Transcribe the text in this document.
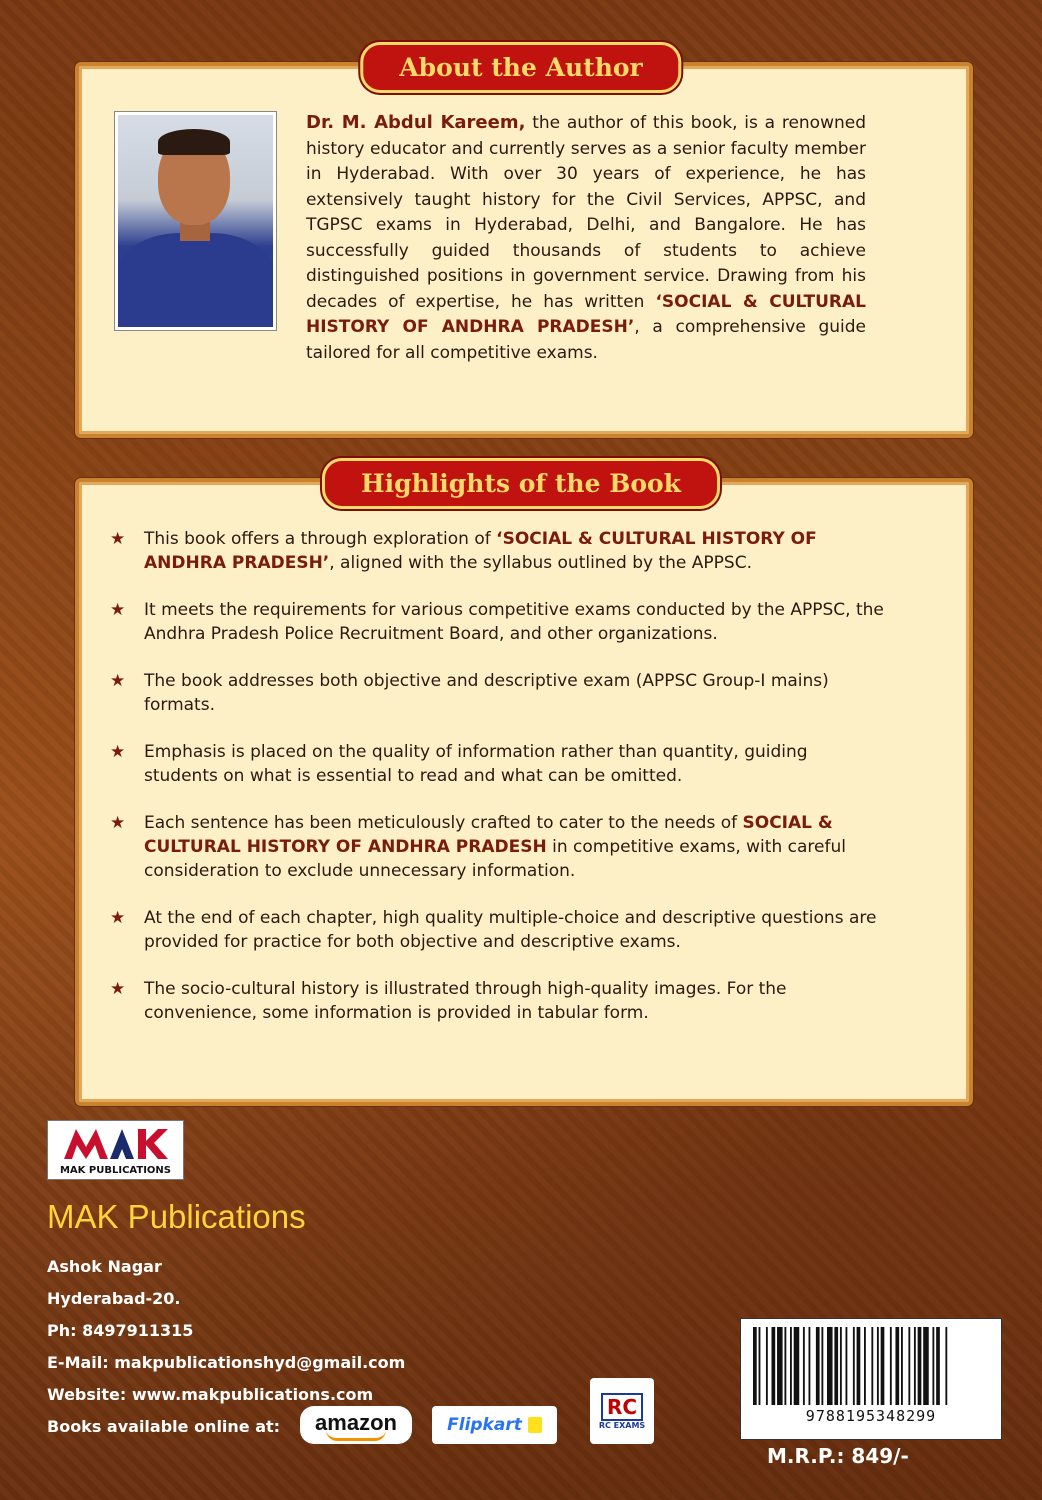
About the Author
Dr. M. Abdul Kareem, the author of this book, is a renowned history educator and currently serves as a senior faculty member in Hyderabad. With over 30 years of experience, he has extensively taught history for the Civil Services, APPSC, and TGPSC exams in Hyderabad, Delhi, and Bangalore. He has successfully guided thousands of students to achieve distinguished positions in government service. Drawing from his decades of expertise, he has written ‘SOCIAL & CULTURAL HISTORY OF ANDHRA PRADESH’, a comprehensive guide tailored for all competitive exams.
Highlights of the Book
★ This book offers a through exploration of ‘SOCIAL & CULTURAL HISTORY OF ANDHRA PRADESH’, aligned with the syllabus outlined by the APPSC.
★ It meets the requirements for various competitive exams conducted by the APPSC, the Andhra Pradesh Police Recruitment Board, and other organizations.
★ The book addresses both objective and descriptive exam (APPSC Group-I mains) formats.
★ Emphasis is placed on the quality of information rather than quantity, guiding students on what is essential to read and what can be omitted.
★ Each sentence has been meticulously crafted to cater to the needs of SOCIAL & CULTURAL HISTORY OF ANDHRA PRADESH in competitive exams, with careful consideration to exclude unnecessary information.
★ At the end of each chapter, high quality multiple-choice and descriptive questions are provided for practice for both objective and descriptive exams.
★ The socio-cultural history is illustrated through high-quality images. For the convenience, some information is provided in tabular form.
MAK PUBLICATIONS
MAK Publications
Ashok Nagar
Hyderabad-20.
Ph: 8497911315
E-Mail: makpublicationshyd@gmail.com
Website: www.makpublications.com
Books available online at:	amazon	Flipkart
RC
RC EXAMS	9788195348299
M.R.P.: 849/-
